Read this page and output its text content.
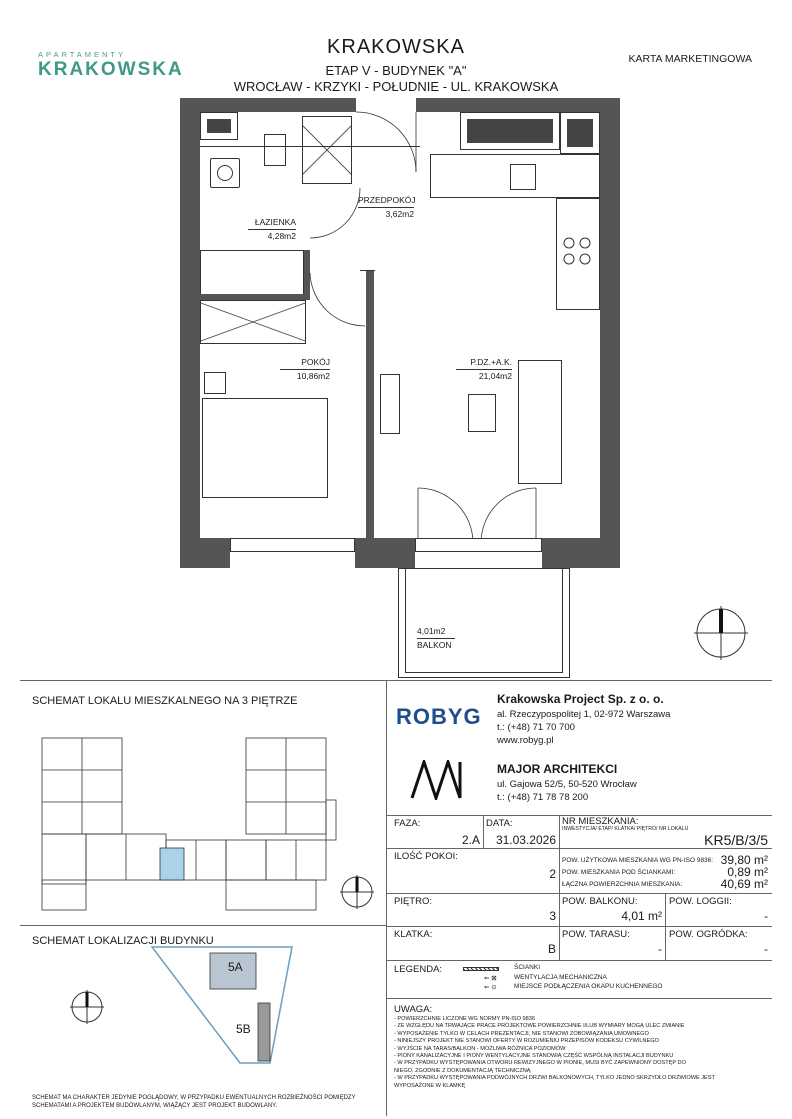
APARTAMENTY
KRAKOWSKA
KRAKOWSKA
ETAP V - BUDYNEK "A"
WROCŁAW - KRZYKI - POŁUDNIE - UL. KRAKOWSKA
KARTA MARKETINGOWA
ŁAZIENKA
4,28m2
PRZEDPOKÓJ
3,62m2
POKÓJ
10,86m2
P.DZ.+A.K.
21,04m2
4,01m2
BALKON
SCHEMAT LOKALU MIESZKALNEGO NA 3 PIĘTRZE
SCHEMAT LOKALIZACJI BUDYNKU
5A
5B
SCHEMAT MA CHARAKTER JEDYNIE POGLĄDOWY, W PRZYPADKU EWENTUALNYCH ROZBIEŻNOŚCI POMIĘDZY SCHEMATAMI A PROJEKTEM BUDOWLANYM, WIĄŻĄCY JEST PROJEKT BUDOWLANY.
ROBYG
Krakowska Project Sp. z o. o.
al. Rzeczypospolitej 1, 02-972 Warszawa
t.: (+48) 71 70 700
www.robyg.pl
MAJOR ARCHITEKCI
ul. Gajowa 52/5, 50-520 Wrocław
t.: (+48) 71 78 78 200
FAZA:
2.A
DATA:
31.03.2026
NR MIESZKANIA:
INWESTYCJA/ ETAP/ KLATKA/ PIĘTRO/ NR LOKALU
KR5/B/3/5
ILOŚĆ POKOI:
2
POW. UŻYTKOWA MIESZKANIA WG PN-ISO 9836: 39,80 m²
POW. MIESZKANIA POD ŚCIANKAMI:	0,89 m²
ŁĄCZNA POWIERZCHNIA MIESZKANIA:	40,69 m²
PIĘTRO:
3
POW. BALKONU:
4,01 m²
POW. LOGGII:
-
KLATKA:
B
POW. TARASU:
-
POW. OGRÓDKA:
-
LEGENDA:	ŚCIANKI
⇐ ⊠	WENTYLACJA MECHANICZNA
⇐ ⊙	MIEJSCE PODŁĄCZENIA OKAPU KUCHENNEGO
UWAGA:
- POWIERZCHNIE LICZONE WG NORMY PN-ISO 9836
- ZE WZGLĘDU NA TRWAJĄCE PRACE PROJEKTOWE POWIERZCHNIE I/LUB WYMIARY MOGĄ ULEC ZMIANIE
- WYPOSAŻENIE TYLKO W CELACH PREZENTACJI, NIE STANOWI ZOBOWIĄZANIA UMOWNEGO
- NINIEJSZY PROJEKT NIE STANOWI OFERTY W ROZUMIENIU PRZEPISÓW KODEKSU CYWILNEGO
- WYJŚCIE NA TARAS/BALKON - MOŻLIWA RÓŻNICA POZIOMÓW
- PIONY KANALIZACYJNE I PIONY WENTYLACYJNE STANOWIĄ CZĘŚĆ WSPÓLNĄ INSTALACJI BUDYNKU
- W PRZYPADKU WYSTĘPOWANIA OTWORU REWIZYJNEGO W PIONIE, MUSI BYĆ ZAPEWNIONY DOSTĘP DO
NIEGO, ZGODNIE Z DOKUMENTACJĄ TECHNICZNĄ
- W PRZYPADKU WYSTĘPOWANIA PODWÓJNYCH DRZWI BALKONOWYCH, TYLKO JEDNO SKRZYDŁO DRZWIOWE JEST
WYPOSAŻONE W KLAMKĘ
